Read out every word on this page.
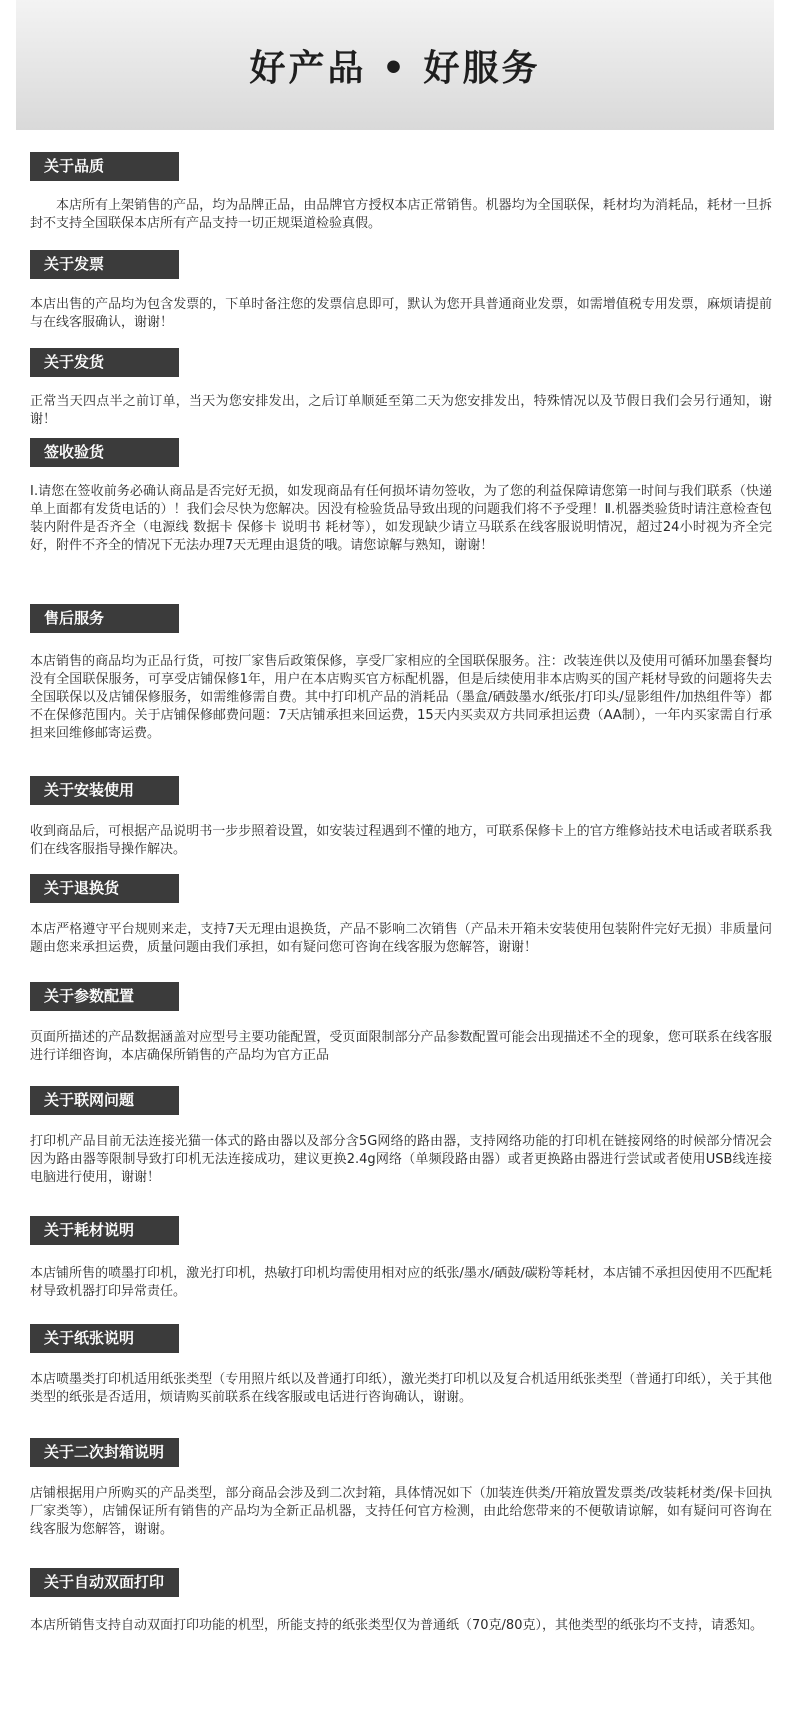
好产品 • 好服务
关于品质

本店所有上架销售的产品，均为品牌正品，由品牌官方授权本店正常销售。机器均为全国联保，耗材均为消耗品，耗材一旦拆封不支持全国联保本店所有产品支持一切正规渠道检验真假。

关于发票

本店出售的产品均为包含发票的，下单时备注您的发票信息即可，默认为您开具普通商业发票，如需增值税专用发票，麻烦请提前与在线客服确认，谢谢！

关于发货

正常当天四点半之前订单，当天为您安排发出，之后订单顺延至第二天为您安排发出，特殊情况以及节假日我们会另行通知，谢谢！

签收验货

Ⅰ.请您在签收前务必确认商品是否完好无损，如发现商品有任何损坏请勿签收，为了您的利益保障请您第一时间与我们联系（快递单上面都有发货电话的）！我们会尽快为您解决。因没有检验货品导致出现的问题我们将不予受理！Ⅱ.机器类验货时请注意检查包装内附件是否齐全（电源线 数据卡 保修卡 说明书 耗材等），如发现缺少请立马联系在线客服说明情况，超过24小时视为齐全完好，附件不齐全的情况下无法办理7天无理由退货的哦。请您谅解与熟知，谢谢！

售后服务

本店销售的商品均为正品行货，可按厂家售后政策保修，享受厂家相应的全国联保服务。注：改装连供以及使用可循环加墨套餐均没有全国联保服务，可享受店铺保修1年，用户在本店购买官方标配机器，但是后续使用非本店购买的国产耗材导致的问题将失去全国联保以及店铺保修服务，如需维修需自费。其中打印机产品的消耗品（墨盒/硒鼓墨水/纸张/打印头/显影组件/加热组件等）都不在保修范围内。关于店铺保修邮费问题：7天店铺承担来回运费，15天内买卖双方共同承担运费（AA制），一年内买家需自行承担来回维修邮寄运费。

关于安装使用

收到商品后，可根据产品说明书一步步照着设置，如安装过程遇到不懂的地方，可联系保修卡上的官方维修站技术电话或者联系我们在线客服指导操作解决。

关于退换货

本店严格遵守平台规则来走，支持7天无理由退换货，产品不影响二次销售（产品未开箱未安装使用包装附件完好无损）非质量问题由您来承担运费，质量问题由我们承担，如有疑问您可咨询在线客服为您解答，谢谢！

关于参数配置

页面所描述的产品数据涵盖对应型号主要功能配置，受页面限制部分产品参数配置可能会出现描述不全的现象，您可联系在线客服进行详细咨询，本店确保所销售的产品均为官方正品

关于联网问题

打印机产品目前无法连接光猫一体式的路由器以及部分含5G网络的路由器，支持网络功能的打印机在链接网络的时候部分情况会因为路由器等限制导致打印机无法连接成功，建议更换2.4g网络（单频段路由器）或者更换路由器进行尝试或者使用USB线连接电脑进行使用，谢谢！

关于耗材说明

本店铺所售的喷墨打印机，激光打印机，热敏打印机均需使用相对应的纸张/墨水/硒鼓/碳粉等耗材，本店铺不承担因使用不匹配耗材导致机器打印异常责任。

关于纸张说明

本店喷墨类打印机适用纸张类型（专用照片纸以及普通打印纸），激光类打印机以及复合机适用纸张类型（普通打印纸），关于其他类型的纸张是否适用，烦请购买前联系在线客服或电话进行咨询确认，谢谢。

关于二次封箱说明

店铺根据用户所购买的产品类型，部分商品会涉及到二次封箱，具体情况如下（加装连供类/开箱放置发票类/改装耗材类/保卡回执厂家类等），店铺保证所有销售的产品均为全新正品机器，支持任何官方检测，由此给您带来的不便敬请谅解，如有疑问可咨询在线客服为您解答，谢谢。

关于自动双面打印

本店所销售支持自动双面打印功能的机型，所能支持的纸张类型仅为普通纸（70克/80克），其他类型的纸张均不支持，请悉知。
